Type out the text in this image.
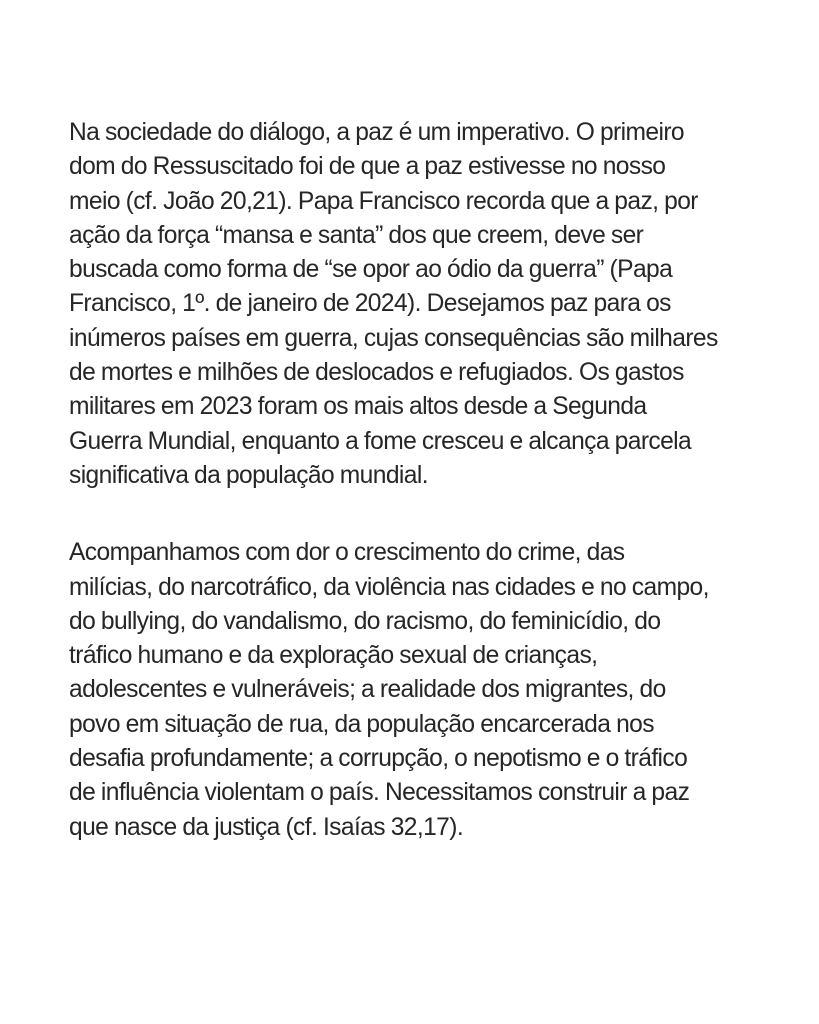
Na sociedade do diálogo, a paz é um imperativo. O primeiro
dom do Ressuscitado foi de que a paz estivesse no nosso
meio (cf. João 20,21). Papa Francisco recorda que a paz, por
ação da força “mansa e santa” dos que creem, deve ser
buscada como forma de “se opor ao ódio da guerra” (Papa
Francisco, 1º. de janeiro de 2024). Desejamos paz para os
inúmeros países em guerra, cujas consequências são milhares
de mortes e milhões de deslocados e refugiados. Os gastos
militares em 2023 foram os mais altos desde a Segunda
Guerra Mundial, enquanto a fome cresceu e alcança parcela
significativa da população mundial.

Acompanhamos com dor o crescimento do crime, das
milícias, do narcotráfico, da violência nas cidades e no campo,
do bullying, do vandalismo, do racismo, do feminicídio, do
tráfico humano e da exploração sexual de crianças,
adolescentes e vulneráveis; a realidade dos migrantes, do
povo em situação de rua, da população encarcerada nos
desafia profundamente; a corrupção, o nepotismo e o tráfico
de influência violentam o país. Necessitamos construir a paz
que nasce da justiça (cf. Isaías 32,17).
